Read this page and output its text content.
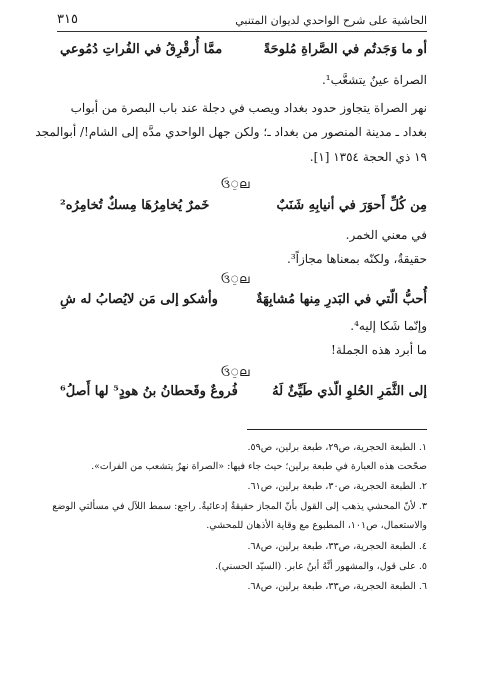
الحاشية على شرح الواحدي لديوان المتنبي
٣١٥
أو ما وَجَدتُم في الصَّراةِ مُلوحَةً
ممَّا أُرقْرِقُ في الفُراتِ دُمُوعي
الصراة عينٌ يتشعَّب¹.
نهر الصراة يتجاوز حدود بغداد ويصب في دجلة عند باب البصرة من أبواب
بغداد ـ مدينة المنصور من بغداد ـ؛ ولكن جهل الواحدي مدَّه إلى الشام!/ أبوالمجد
١٩ ذي الحجة ١٣٥٤ [١].
ઉ⍜ല
مِن كُلِّ أَحوَرَ في أنيابِهِ شَنَبٌ
خَمرٌ يُخامِرُهَا مِسكٌ تُخامِرُه²
في معني الخمر.
حقيقةٌ، ولكنّه بمعناها مجازاً³.
ઉ⍜ല
أُحبُّ الّتي في البَدرِ مِنها مُشابِهَةٌ
وأشكو إلى مَن لايُصابُ له شِ
وإنّما شَكا إليه⁴.
ما أبرد هذه الجملة!
ઉ⍜ല
إلى الثَّمَرِ الحُلوِ الّذي طَيِّئٌ لَهُ
فُروعٌ وقَحطانُ بنُ هودٍ⁵ لها أَصلُ⁶
١. الطبعة الحجرية، ص٢٩، طبعة برلين، ص٥٩.
صحّحت هذه العبارة في طبعة برلين؛ حيث جاء فيها: «الصراة نهرٌ يتشعب من الفرات».
٢. الطبعة الحجرية، ص٣٠، طبعة برلين، ص٦١.
٣. لأنّ المحشي يذهب إلى القول بأنّ المجاز حقيقةٌ إدعائيةٌ. راجع: سمط اللآل في مسألتي الوضع
والاستعمال، ص١٠١، المطبوع مع وقاية الأذهان للمحشي.
٤. الطبعة الحجرية، ص٣٣، طبعة برلين، ص٦٨.
٥. على قول، والمشهور أنَّهُ أبنُ عابر. (السيّد الحسني).
٦. الطبعة الحجرية، ص٣٣، طبعة برلين، ص٦٨.
